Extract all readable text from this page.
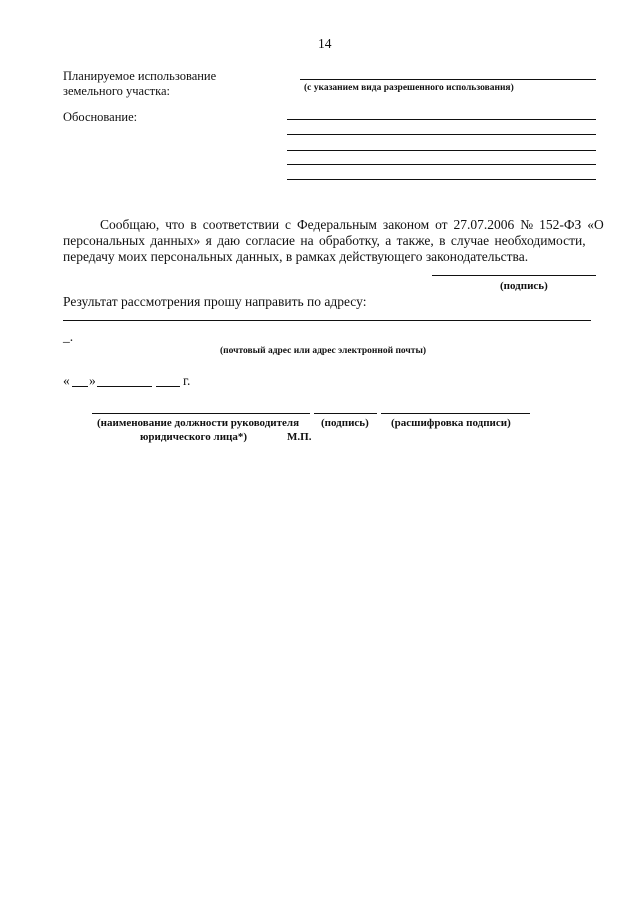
14
Планируемое использование
земельного участка:	(с указанием вида разрешенного использования)
Обоснование:
Сообщаю, что в соответствии с Федеральным законом от 27.07.2006 № 152-ФЗ «О
персональных данных» я даю согласие на обработку, а также, в случае необходимости,
передачу моих персональных данных, в рамках действующего законодательства.
(подпись)
Результат рассмотрения прошу направить по адресу:
_.
(почтовый адрес или адрес электронной почты)
« »	г.
(наименование должности руководителя
юридического лица*)	М.П.
(подпись) (расшифровка подписи)
